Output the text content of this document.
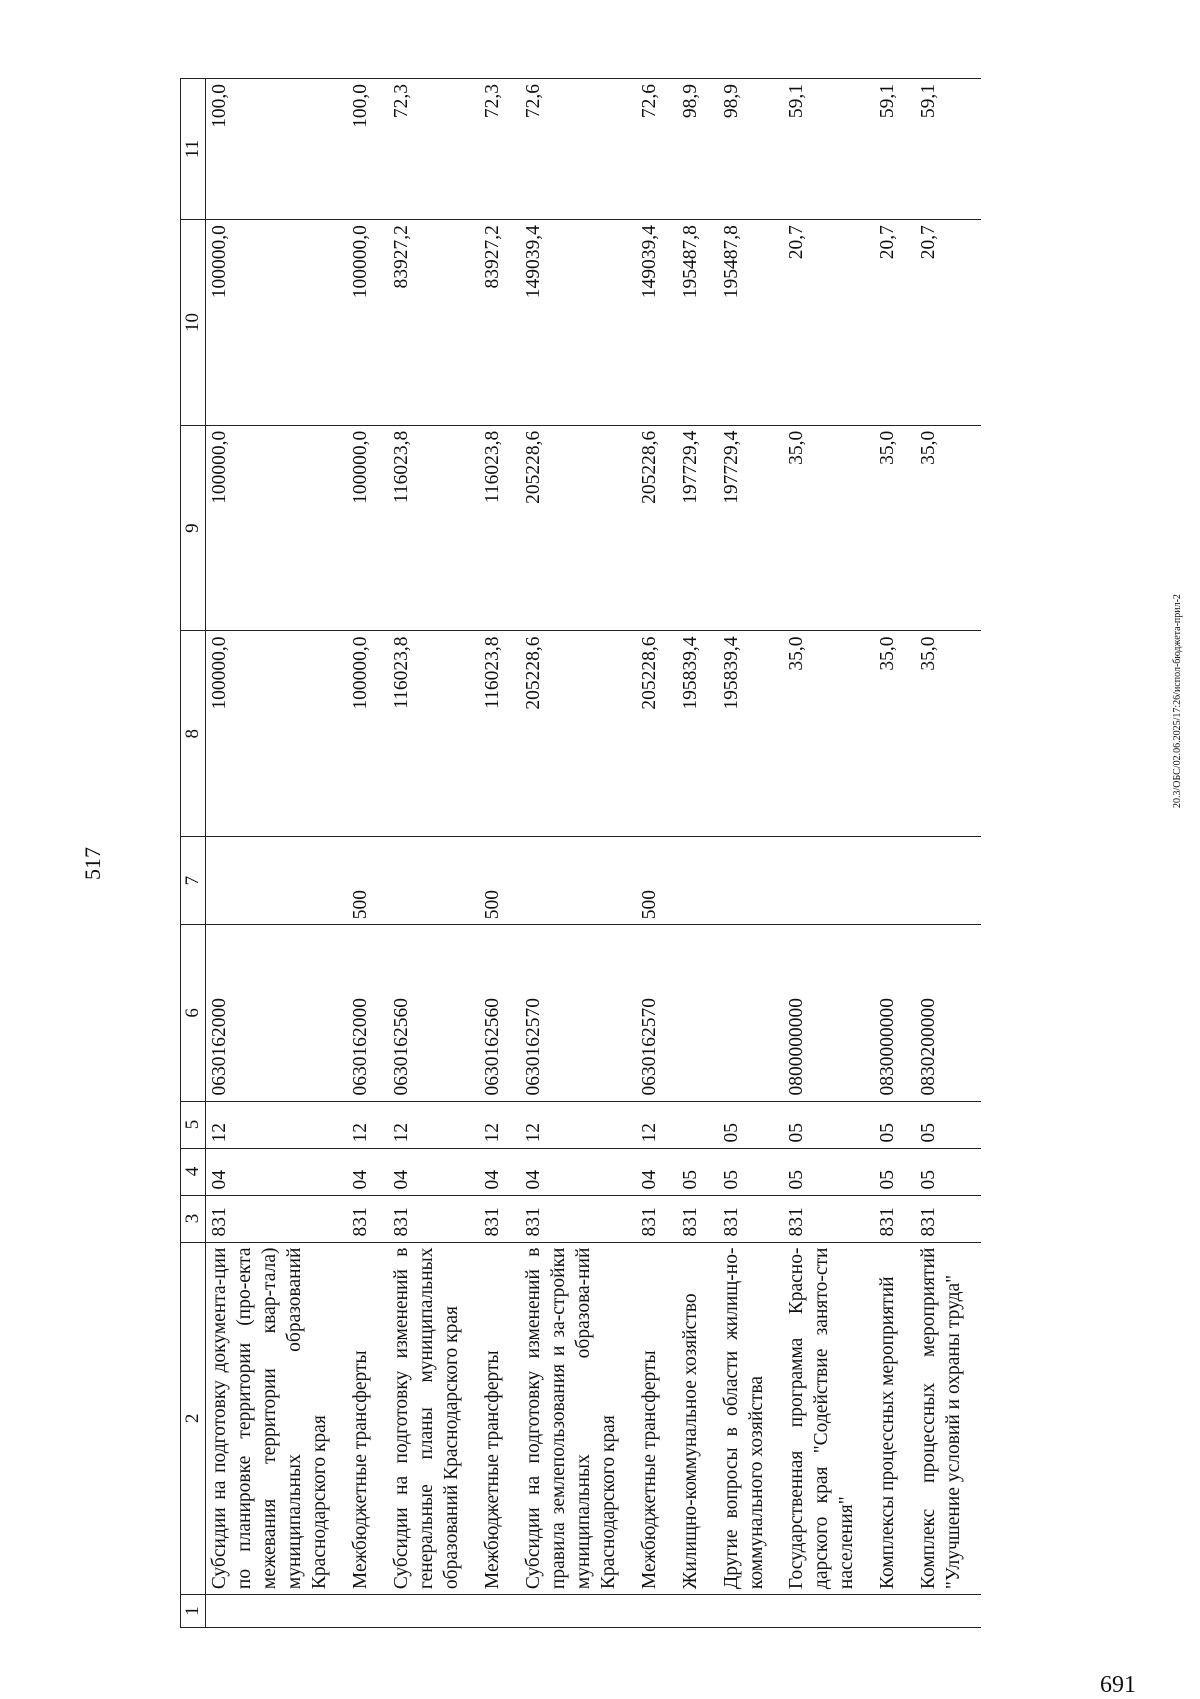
517
1	2	3	4	5	6	7	8	9	10	11
	Субсидии на подготовку документа-ции по планировке территории (про-екта межевания территории квар-тала) муниципальных образований Краснодарского края	831	04	12	0630162000		100000,0	100000,0	100000,0	100,0
	Межбюджетные трансферты	831	04	12	0630162000	500	100000,0	100000,0	100000,0	100,0
	Субсидии на подготовку изменений в генеральные планы муниципальных образований Краснодарского края	831	04	12	0630162560		116023,8	116023,8	83927,2	72,3
	Межбюджетные трансферты	831	04	12	0630162560	500	116023,8	116023,8	83927,2	72,3
	Субсидии на подготовку изменений в правила землепользования и за-стройки муниципальных образова-ний Краснодарского края	831	04	12	0630162570		205228,6	205228,6	149039,4	72,6
	Межбюджетные трансферты	831	04	12	0630162570	500	205228,6	205228,6	149039,4	72,6
	Жилищно-коммунальное хозяйство	831	05				195839,4	197729,4	195487,8	98,9
	Другие вопросы в области жилищ-но-коммунального хозяйства	831	05	05			195839,4	197729,4	195487,8	98,9
	Государственная программа Красно-дарского края "Содействие занято-сти населения"	831	05	05	0800000000		35,0	35,0	20,7	59,1
	Комплексы процессных мероприятий	831	05	05	0830000000		35,0	35,0	20,7	59,1
	Комплекс процессных мероприятий "Улучшение условий и охраны труда"	831	05	05	0830200000		35,0	35,0	20,7	59,1
20.3/ОБС/02.06.2025/17:26/испол-бюджета-прил-2
691
